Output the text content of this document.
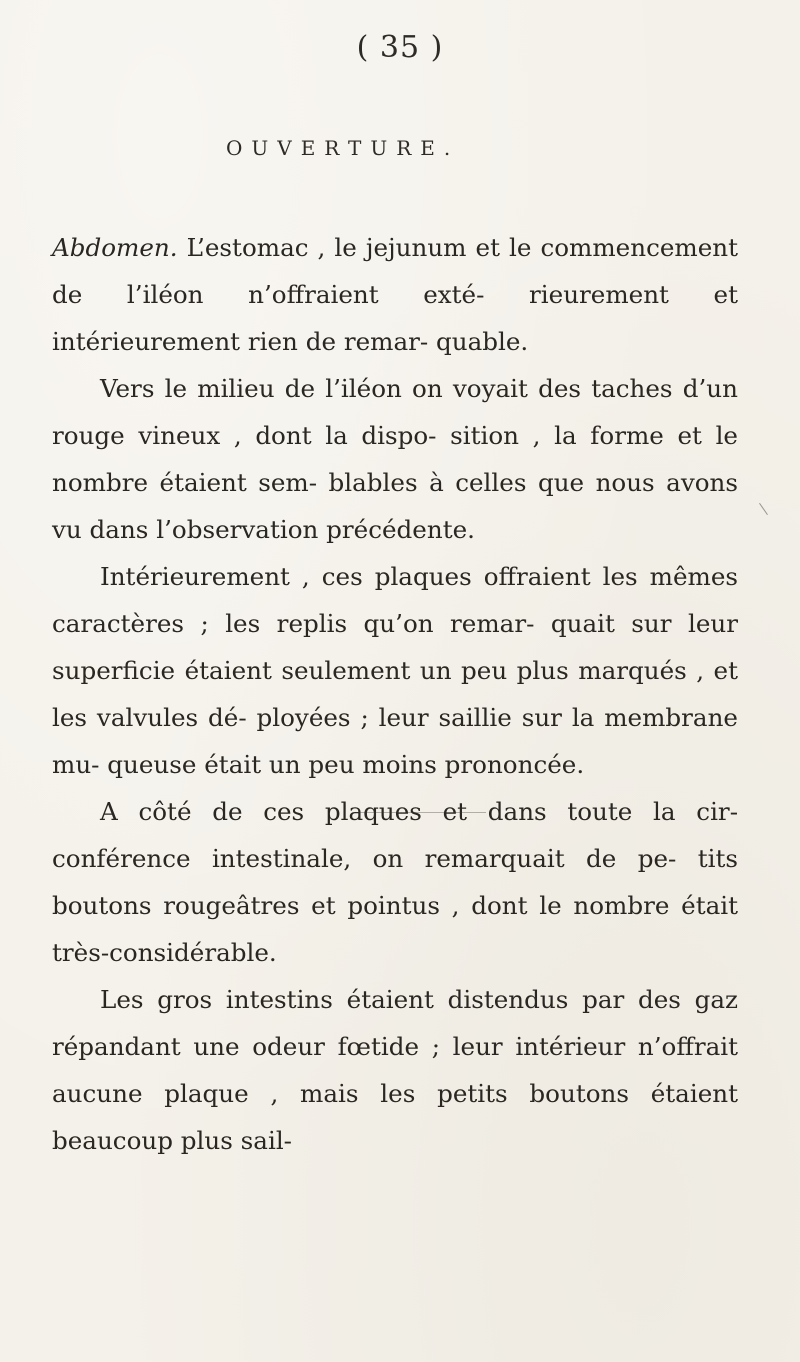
( 35 )
OUVERTURE.

Abdomen. L’estomac , le jejunum et le commencement de l’iléon n’offraient exté- rieurement et intérieurement rien de remar- quable.

Vers le milieu de l’iléon on voyait des taches d’un rouge vineux , dont la dispo- sition , la forme et le nombre étaient sem- blables à celles que nous avons vu dans l’observation précédente.

Intérieurement , ces plaques offraient les mêmes caractères ; les replis qu’on remar- quait sur leur superficie étaient seulement un peu plus marqués , et les valvules dé- ployées ; leur saillie sur la membrane mu- queuse était un peu moins prononcée.

A côté de ces plaques et dans toute la cir- conférence intestinale, on remarquait de pe- tits boutons rougeâtres et pointus , dont le nombre était très-considérable.

Les gros intestins étaient distendus par des gaz répandant une odeur fœtide ; leur intérieur n’offrait aucune plaque , mais les petits boutons étaient beaucoup plus sail-
